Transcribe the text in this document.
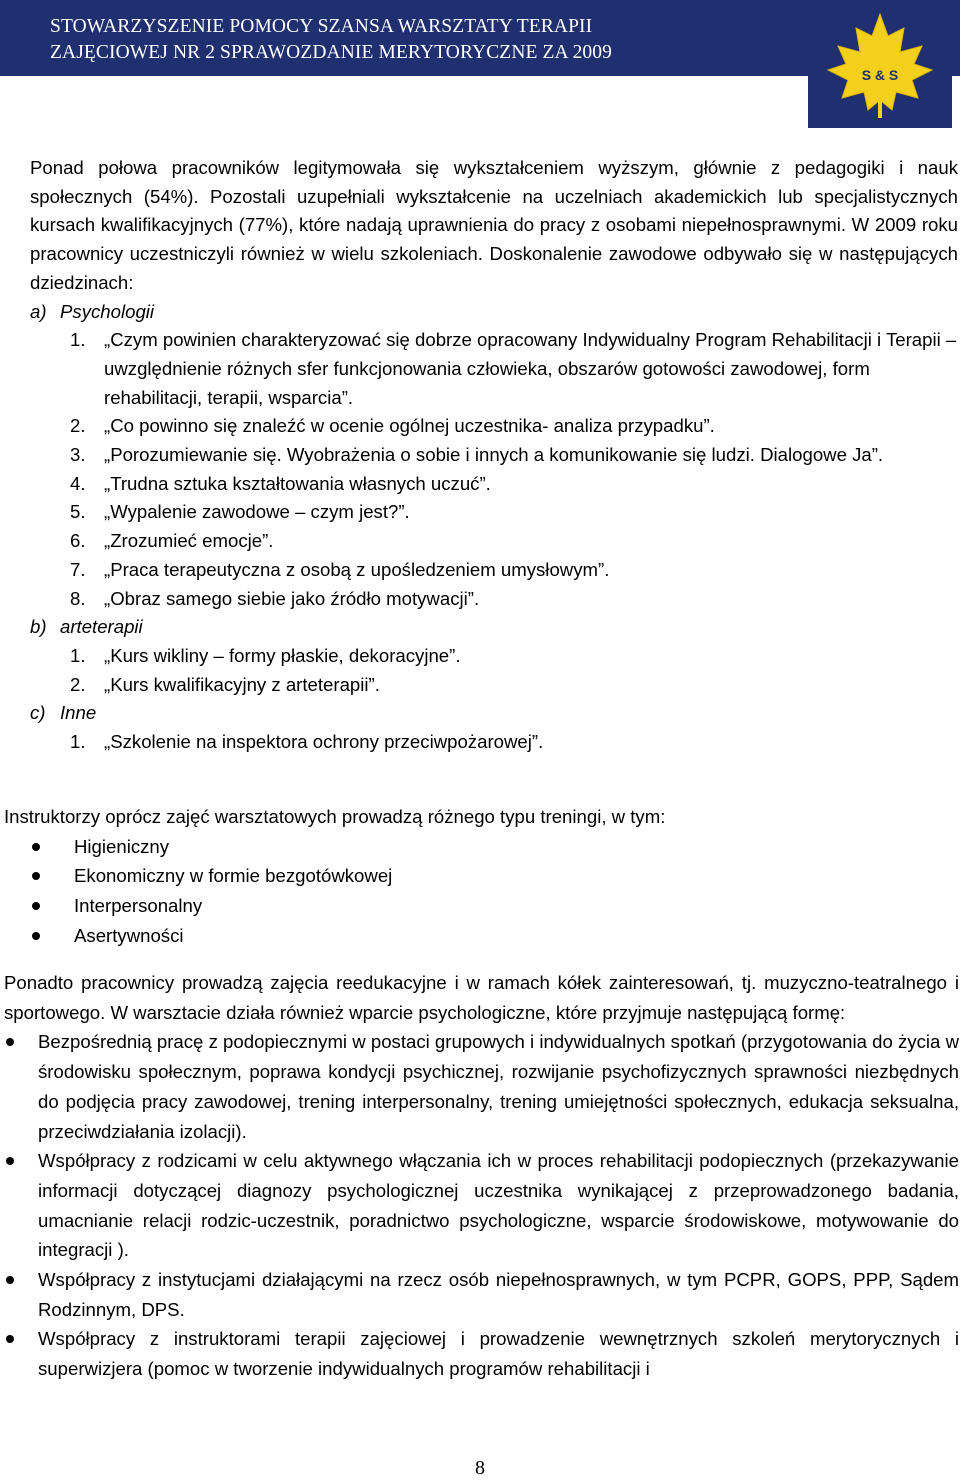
STOWARZYSZENIE POMOCY SZANSA WARSZTATY TERAPII
ZAJĘCIOWEJ NR 2 SPRAWOZDANIE MERYTORYCZNE ZA 2009
S & S

Ponad połowa pracowników legitymowała się wykształceniem wyższym, głównie z pedagogiki i nauk społecznych (54%). Pozostali uzupełniali wykształcenie na uczelniach akademickich lub specjalistycznych kursach kwalifikacyjnych (77%), które nadają uprawnienia do pracy z osobami niepełnosprawnymi. W 2009 roku pracownicy uczestniczyli również w wielu szkoleniach. Doskonalenie zawodowe odbywało się w następujących dziedzinach:

a) Psychologii
1. „Czym powinien charakteryzować się dobrze opracowany Indywidualny Program Rehabilitacji i Terapii – uwzględnienie różnych sfer funkcjonowania człowieka, obszarów gotowości zawodowej, form rehabilitacji, terapii, wsparcia”.
2. „Co powinno się znaleźć w ocenie ogólnej uczestnika- analiza przypadku”.
3. „Porozumiewanie się. Wyobrażenia o sobie i innych a komunikowanie się ludzi. Dialogowe Ja”.
4. „Trudna sztuka kształtowania własnych uczuć”.
5. „Wypalenie zawodowe – czym jest?”.
6. „Zrozumieć emocje”.
7. „Praca terapeutyczna z osobą z upośledzeniem umysłowym”.
8. „Obraz samego siebie jako źródło motywacji”.
b) arteterapii
1. „Kurs wikliny – formy płaskie, dekoracyjne”.
2. „Kurs kwalifikacyjny z arteterapii”.
c) Inne
1. „Szkolenie na inspektora ochrony przeciwpożarowej”.

Instruktorzy oprócz zajęć warsztatowych prowadzą różnego typu treningi, w tym:

Higieniczny
Ekonomiczny w formie bezgotówkowej
Interpersonalny
Asertywności

Ponadto pracownicy prowadzą zajęcia reedukacyjne i w ramach kółek zainteresowań, tj. muzyczno-teatralnego i sportowego. W warsztacie działa również wparcie psychologiczne, które przyjmuje następującą formę:

Bezpośrednią pracę z podopiecznymi w postaci grupowych i indywidualnych spotkań (przygotowania do życia w środowisku społecznym, poprawa kondycji psychicznej, rozwijanie psychofizycznych sprawności niezbędnych do podjęcia pracy zawodowej, trening interpersonalny, trening umiejętności społecznych, edukacja seksualna, przeciwdziałania izolacji).
Współpracy z rodzicami w celu aktywnego włączania ich w proces rehabilitacji podopiecznych (przekazywanie informacji dotyczącej diagnozy psychologicznej uczestnika wynikającej z przeprowadzonego badania, umacnianie relacji rodzic-uczestnik, poradnictwo psychologiczne, wsparcie środowiskowe, motywowanie do integracji ).
Współpracy z instytucjami działającymi na rzecz osób niepełnosprawnych, w tym PCPR, GOPS, PPP, Sądem Rodzinnym, DPS.
Współpracy z instruktorami terapii zajęciowej i prowadzenie wewnętrznych szkoleń merytorycznych i superwizjera (pomoc w tworzenie indywidualnych programów rehabilitacji i
8
